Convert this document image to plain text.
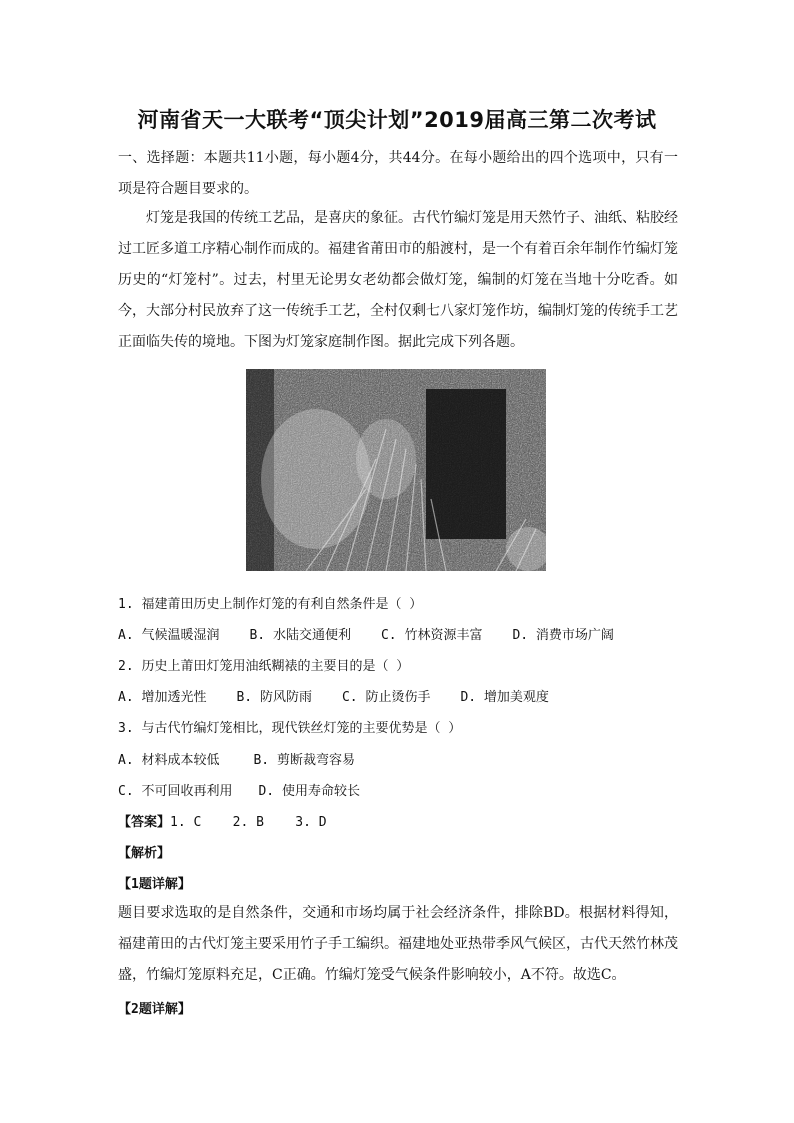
河南省天一大联考“顶尖计划”2019届高三第二次考试

一、选择题：本题共11小题，每小题4分，共44分。在每小题给出的四个选项中，只有一项是符合题目要求的。

灯笼是我国的传统工艺品，是喜庆的象征。古代竹编灯笼是用天然竹子、油纸、粘胶经过工匠多道工序精心制作而成的。福建省莆田市的船渡村，是一个有着百余年制作竹编灯笼历史的“灯笼村”。过去，村里无论男女老幼都会做灯笼，编制的灯笼在当地十分吃香。如今，大部分村民放弃了这一传统手工艺，全村仅剩七八家灯笼作坊，编制灯笼的传统手工艺正面临失传的境地。下图为灯笼家庭制作图。据此完成下列各题。

1. 福建莆田历史上制作灯笼的有利自然条件是（ ）

A. 气候温暖湿润 B. 水陆交通便利 C. 竹林资源丰富 D. 消费市场广阔

2. 历史上莆田灯笼用油纸糊裱的主要目的是（ ）

A. 增加透光性 B. 防风防雨 C. 防止烫伤手 D. 增加美观度

3. 与古代竹编灯笼相比，现代铁丝灯笼的主要优势是（ ）

A. 材料成本较低	B. 剪断裁弯容易

C. 不可回收再利用 D. 使用寿命较长

【答案】1. C    2. B    3. D

【解析】

【1题详解】

题目要求选取的是自然条件，交通和市场均属于社会经济条件，排除BD。根据材料得知，福建莆田的古代灯笼主要采用竹子手工编织。福建地处亚热带季风气候区，古代天然竹林茂盛，竹编灯笼原料充足，C正确。竹编灯笼受气候条件影响较小，A不符。故选C。

【2题详解】
